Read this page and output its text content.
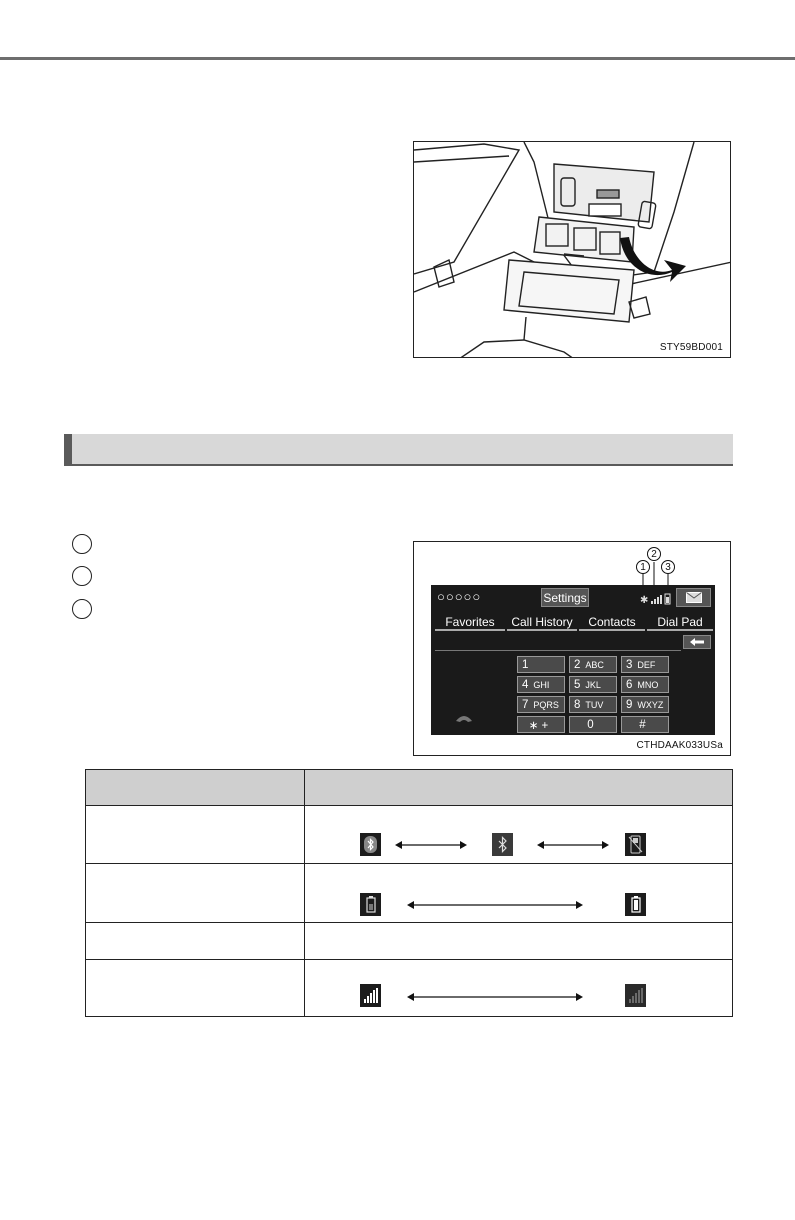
STY59BD001
1
2
3
○○○○○	Settings	✱
Favorites	Call History	Contacts	Dial Pad
1	2 ABC 3 DEF
4 GHI 5 JKL 6 MNO
7 PQRS 8 TUV 9 WXYZ
∗ +	0	#
CTHDAAK033USa
